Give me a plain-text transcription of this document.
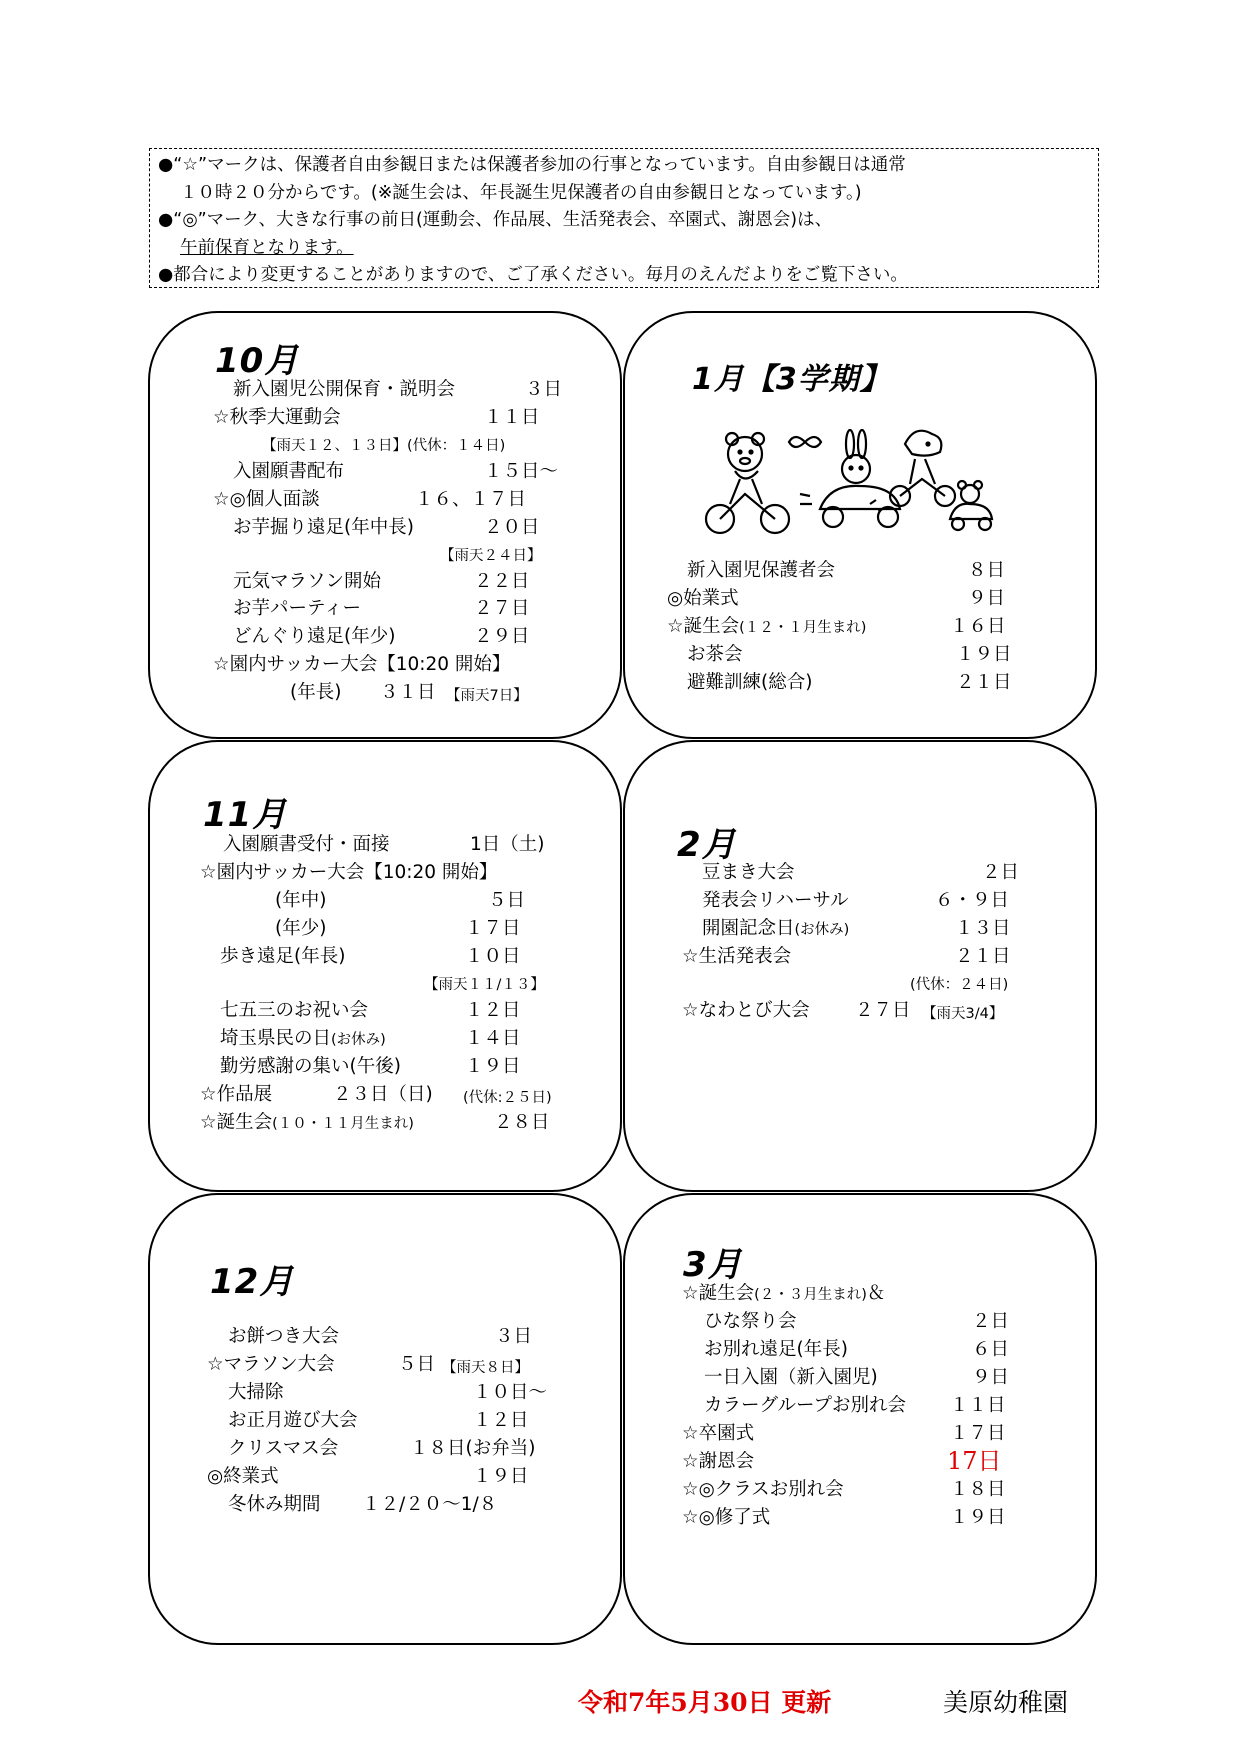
●“☆”マークは、保護者自由参観日または保護者参加の行事となっています。自由参観日は通常
１０時２０分からです。(※誕生会は、年長誕生児保護者の自由参観日となっています。)
●“◎”マーク、大きな行事の前日(運動会、作品展、生活発表会、卒園式、謝恩会)は、
午前保育となります。
●都合により変更することがありますので、ご了承ください。毎月のえんだよりをご覧下さい。
10月
新入園児公開保育・説明会	３日
☆秋季大運動会	１１日
【雨天１２、１３日】(代休：１４日)
入園願書配布	１５日～
☆◎個人面談	１６、１７日
お芋掘り遠足(年中長)	２０日
【雨天２４日】
元気マラソン開始	２２日
お芋パーティー	２７日
どんぐり遠足(年少)	２９日
☆園内サッカー大会【10:20 開始】
(年長) ３１日 【雨天7日】
1月【3学期】
新入園児保護者会	８日
◎始業式	９日
☆誕生会(１２・１月生まれ)	１６日
お茶会	１９日
避難訓練(総合)	２１日
11月
入園願書受付・面接	1日（土)
☆園内サッカー大会【10:20 開始】
(年中)	５日
(年少)	１７日
歩き遠足(年長)	１０日
【雨天１１/１３】
七五三のお祝い会	１２日
埼玉県民の日(お休み)	１４日
勤労感謝の集い(午後)	１９日
☆作品展	２３日（日) (代休:２５日)
☆誕生会(１０・１１月生まれ)	２８日
2月
豆まき大会	２日
発表会リハーサル	６・９日
開園記念日(お休み)	１３日
☆生活発表会	２１日
(代休：２４日)
☆なわとび大会 ２７日 【雨天3/4】
12月
お餅つき大会	３日
☆マラソン大会	５日 【雨天８日】
大掃除	１０日～
お正月遊び大会	１２日
クリスマス会	１８日(お弁当)
◎終業式	１９日
冬休み期間 １２/２０～1/８
3月
☆誕生会(２・３月生まれ)＆
ひな祭り会	２日
お別れ遠足(年長)	６日
一日入園（新入園児)	９日
カラーグループお別れ会 １１日
☆卒園式	１７日
☆謝恩会	17日
☆◎クラスお別れ会	１８日
☆◎修了式	１９日
令和7年5月30日 更新	美原幼稚園
